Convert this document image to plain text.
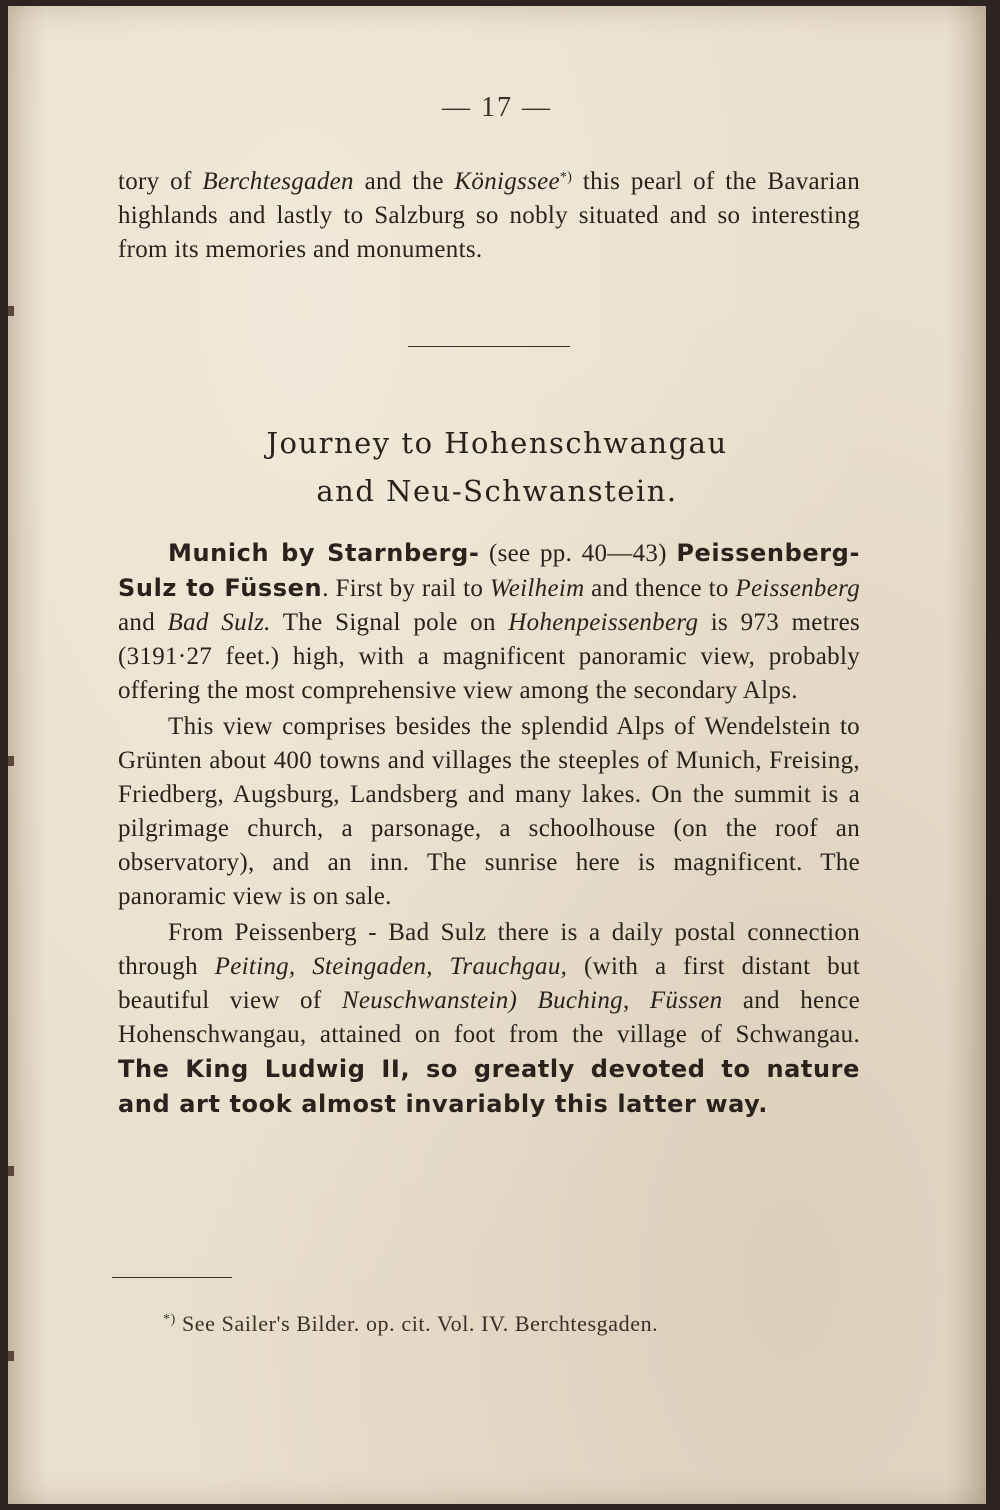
— 17 —

tory of Berchtesgaden and the Königssee*) this pearl of the Bavarian highlands and lastly to Salzburg so nobly situated and so interesting from its memories and monuments.

Journey to Hohenschwangau
and Neu-Schwanstein.

Munich by Starnberg- (see pp. 40—43) Peissenberg-Sulz to Füssen. First by rail to Weilheim and thence to Peissenberg and Bad Sulz. The Signal pole on Hohenpeissenberg is 973 metres (3191·27 feet.) high, with a magnificent panoramic view, probably offering the most comprehensive view among the secondary Alps.

This view comprises besides the splendid Alps of Wendelstein to Grünten about 400 towns and villages the steeples of Munich, Freising, Friedberg, Augsburg, Landsberg and many lakes. On the summit is a pilgrimage church, a parsonage, a schoolhouse (on the roof an observatory), and an inn. The sunrise here is magnificent. The panoramic view is on sale.

From Peissenberg - Bad Sulz there is a daily postal connection through Peiting, Steingaden, Trauchgau, (with a first distant but beautiful view of Neuschwanstein) Buching, Füssen and hence Hohenschwangau, attained on foot from the village of Schwangau. The King Ludwig II, so greatly devoted to nature and art took almost invariably this latter way.

*) See Sailer's Bilder. op. cit. Vol. IV. Berchtesgaden.
